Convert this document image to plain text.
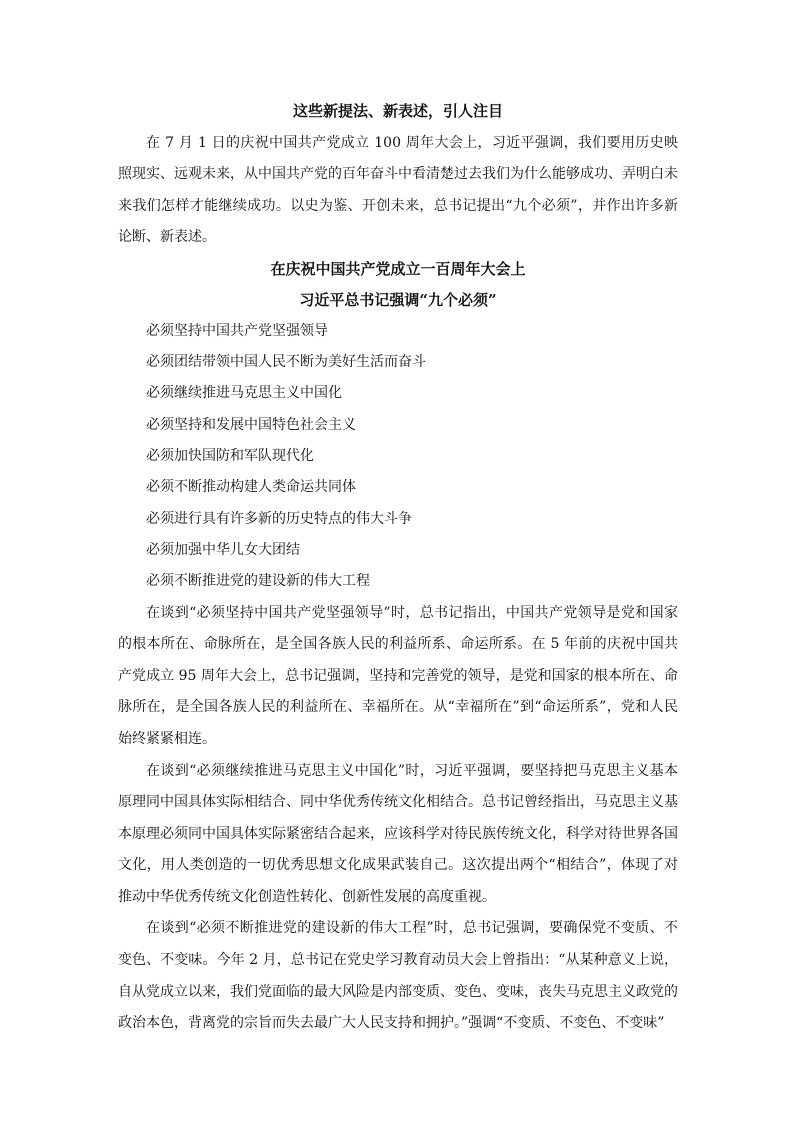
这些新提法、新表述，引人注目

在 7 月 1 日的庆祝中国共产党成立 100 周年大会上，习近平强调，我们要用历史映照现实、远观未来，从中国共产党的百年奋斗中看清楚过去我们为什么能够成功、弄明白未来我们怎样才能继续成功。以史为鉴、开创未来，总书记提出“九个必须”，并作出许多新论断、新表述。

在庆祝中国共产党成立一百周年大会上

习近平总书记强调“九个必须”

必须坚持中国共产党坚强领导
必须团结带领中国人民不断为美好生活而奋斗
必须继续推进马克思主义中国化
必须坚持和发展中国特色社会主义
必须加快国防和军队现代化
必须不断推动构建人类命运共同体
必须进行具有许多新的历史特点的伟大斗争
必须加强中华儿女大团结
必须不断推进党的建设新的伟大工程

在谈到“必须坚持中国共产党坚强领导”时，总书记指出，中国共产党领导是党和国家的根本所在、命脉所在，是全国各族人民的利益所系、命运所系。在 5 年前的庆祝中国共产党成立 95 周年大会上，总书记强调，坚持和完善党的领导，是党和国家的根本所在、命脉所在，是全国各族人民的利益所在、幸福所在。从“幸福所在”到“命运所系”，党和人民始终紧紧相连。

在谈到“必须继续推进马克思主义中国化”时，习近平强调，要坚持把马克思主义基本原理同中国具体实际相结合、同中华优秀传统文化相结合。总书记曾经指出，马克思主义基本原理必须同中国具体实际紧密结合起来，应该科学对待民族传统文化，科学对待世界各国文化，用人类创造的一切优秀思想文化成果武装自己。这次提出两个“相结合”，体现了对推动中华优秀传统文化创造性转化、创新性发展的高度重视。

在谈到“必须不断推进党的建设新的伟大工程”时，总书记强调，要确保党不变质、不变色、不变味。今年 2 月，总书记在党史学习教育动员大会上曾指出：“从某种意义上说，自从党成立以来，我们党面临的最大风险是内部变质、变色、变味，丧失马克思主义政党的政治本色，背离党的宗旨而失去最广大人民支持和拥护。”强调“不变质、不变色、不变味”
